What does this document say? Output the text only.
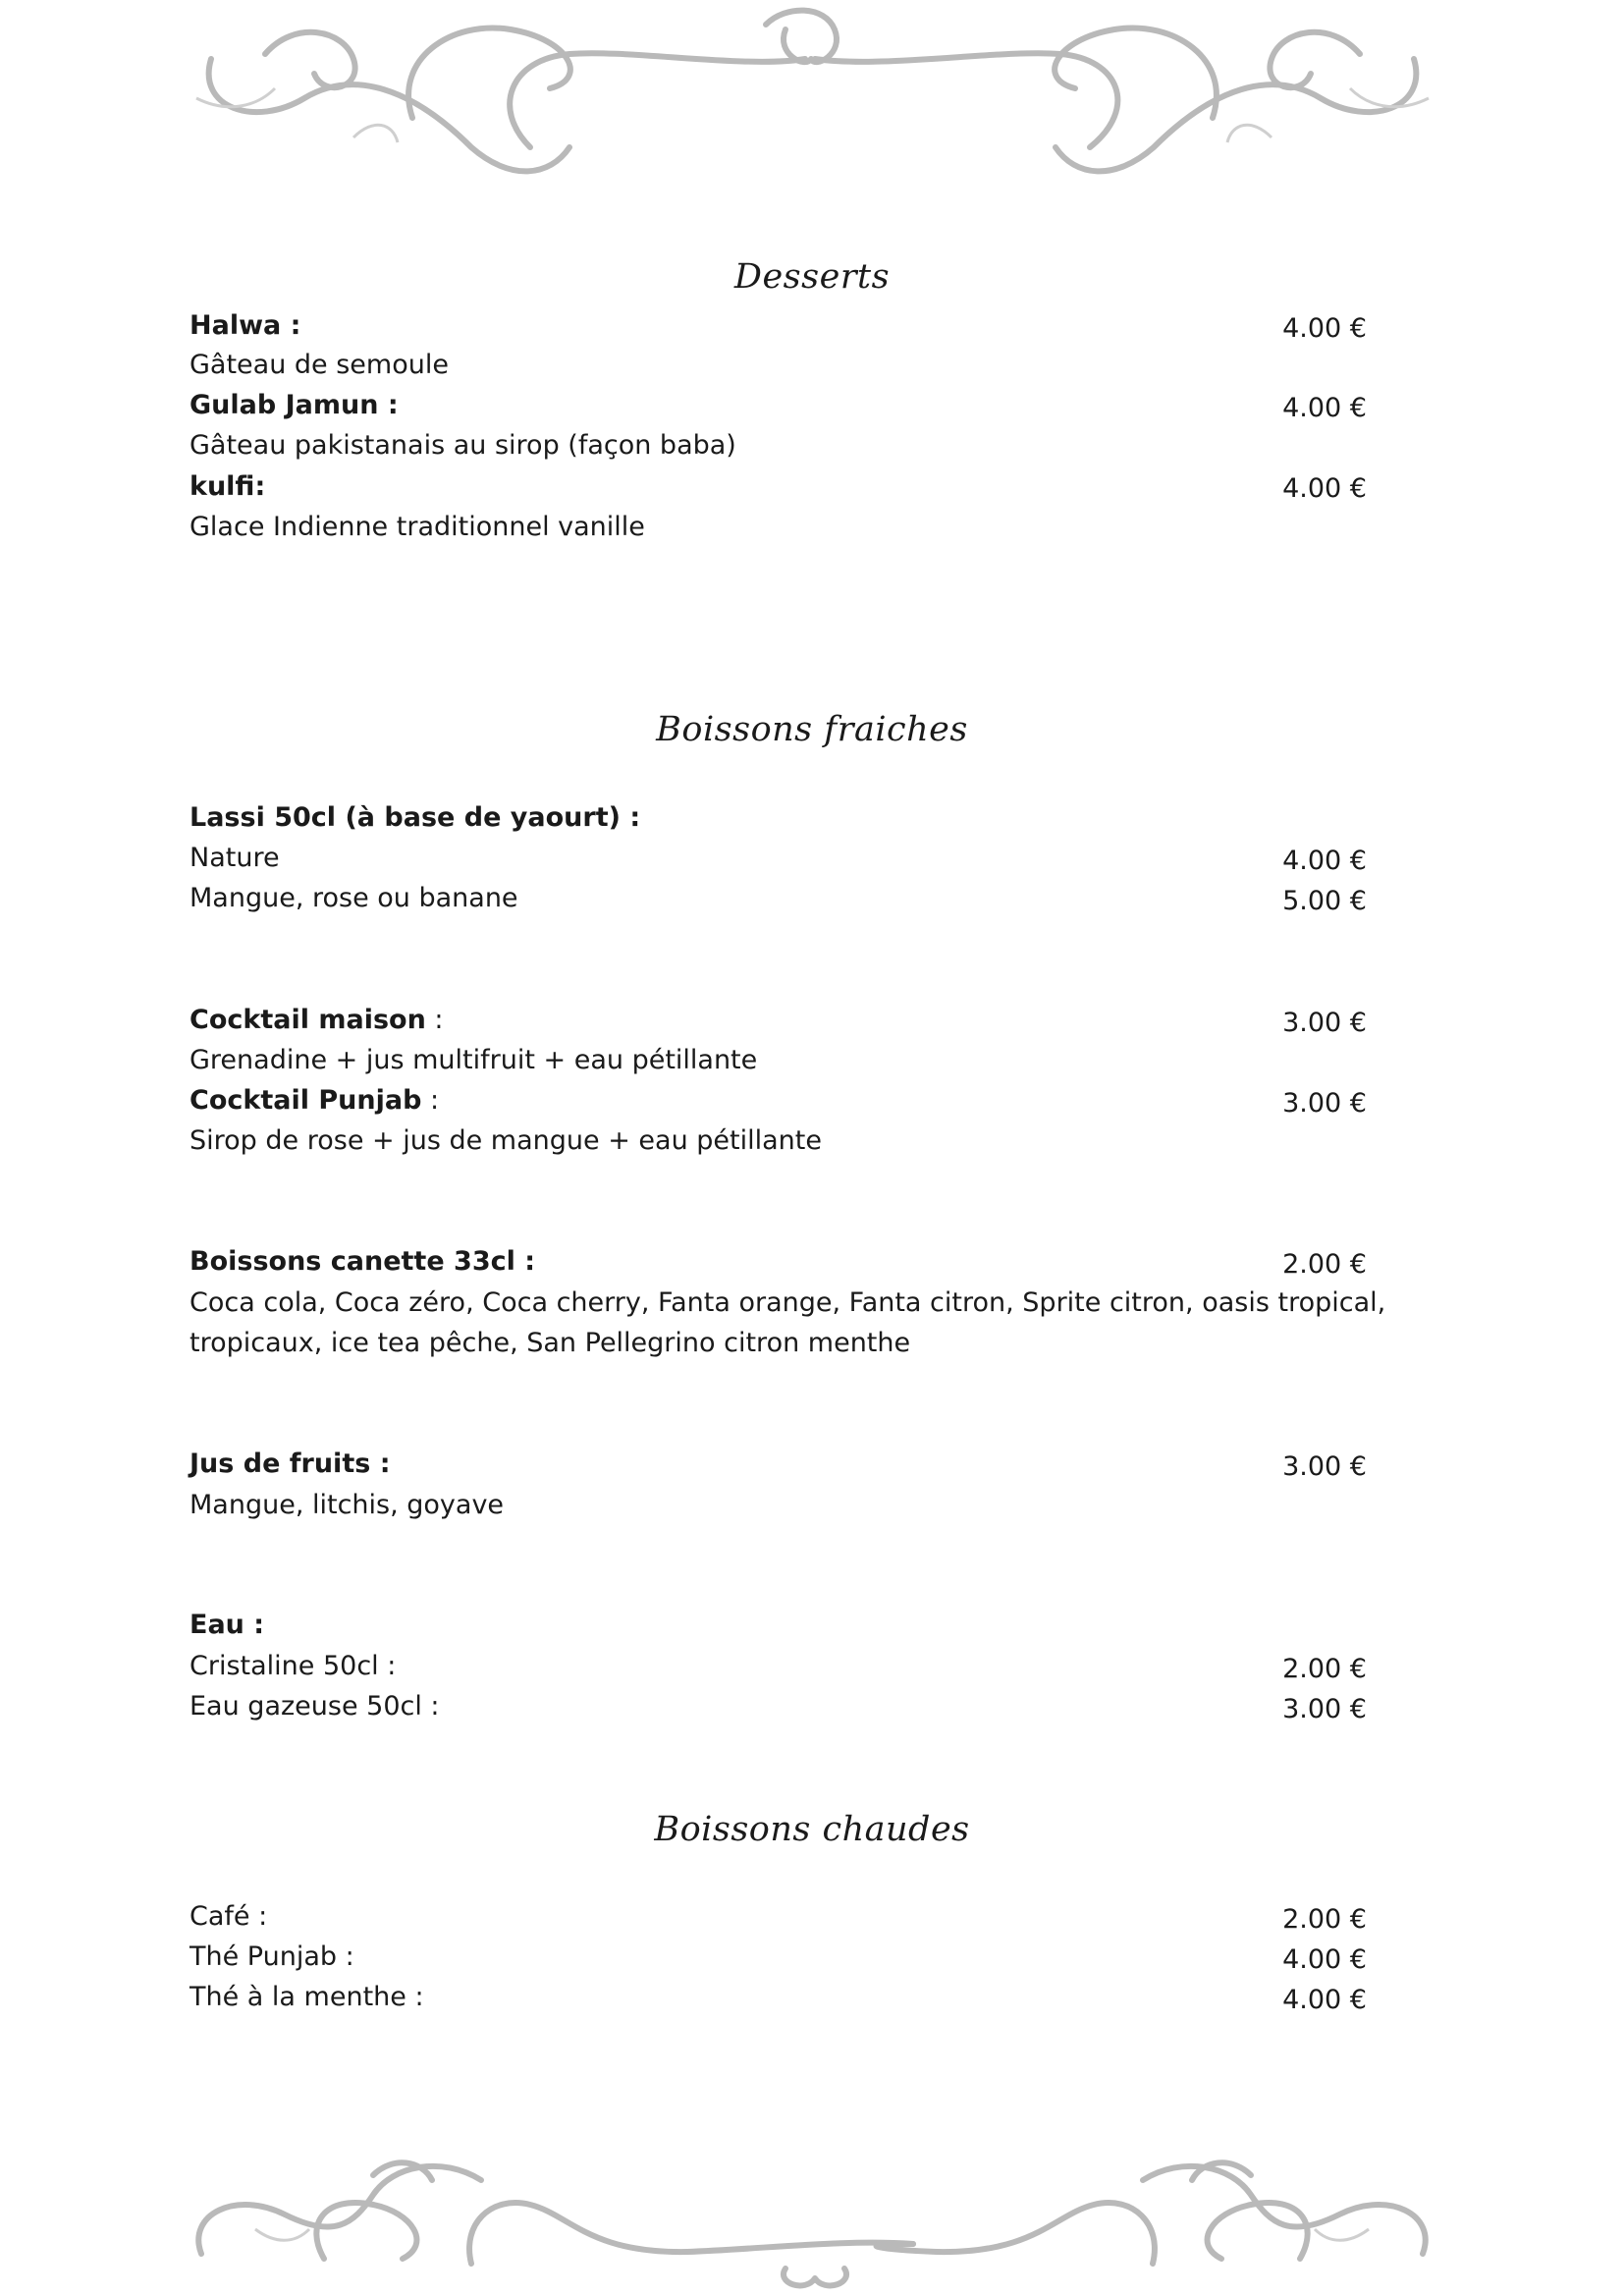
Desserts
Halwa :	4.00 €
Gâteau de semoule
Gulab Jamun :	4.00 €
Gâteau pakistanais au sirop (façon baba)
kulfi:	4.00 €
Glace Indienne traditionnel vanille
Boissons fraiches
Lassi 50cl (à base de yaourt) :
Nature	4.00 €
Mangue, rose ou banane	5.00 €
Cocktail maison :	3.00 €
Grenadine + jus multifruit + eau pétillante
Cocktail Punjab :	3.00 €
Sirop de rose + jus de mangue + eau pétillante
Boissons canette 33cl :	2.00 €
Coca cola, Coca zéro, Coca cherry, Fanta orange, Fanta citron, Sprite citron, oasis tropical, tropicaux, ice tea pêche, San Pellegrino citron menthe
Jus de fruits :	3.00 €
Mangue, litchis, goyave
Eau :
Cristaline 50cl :	2.00 €
Eau gazeuse 50cl :	3.00 €
Boissons chaudes
Café :	2.00 €
Thé Punjab :	4.00 €
Thé à la menthe :	4.00 €
